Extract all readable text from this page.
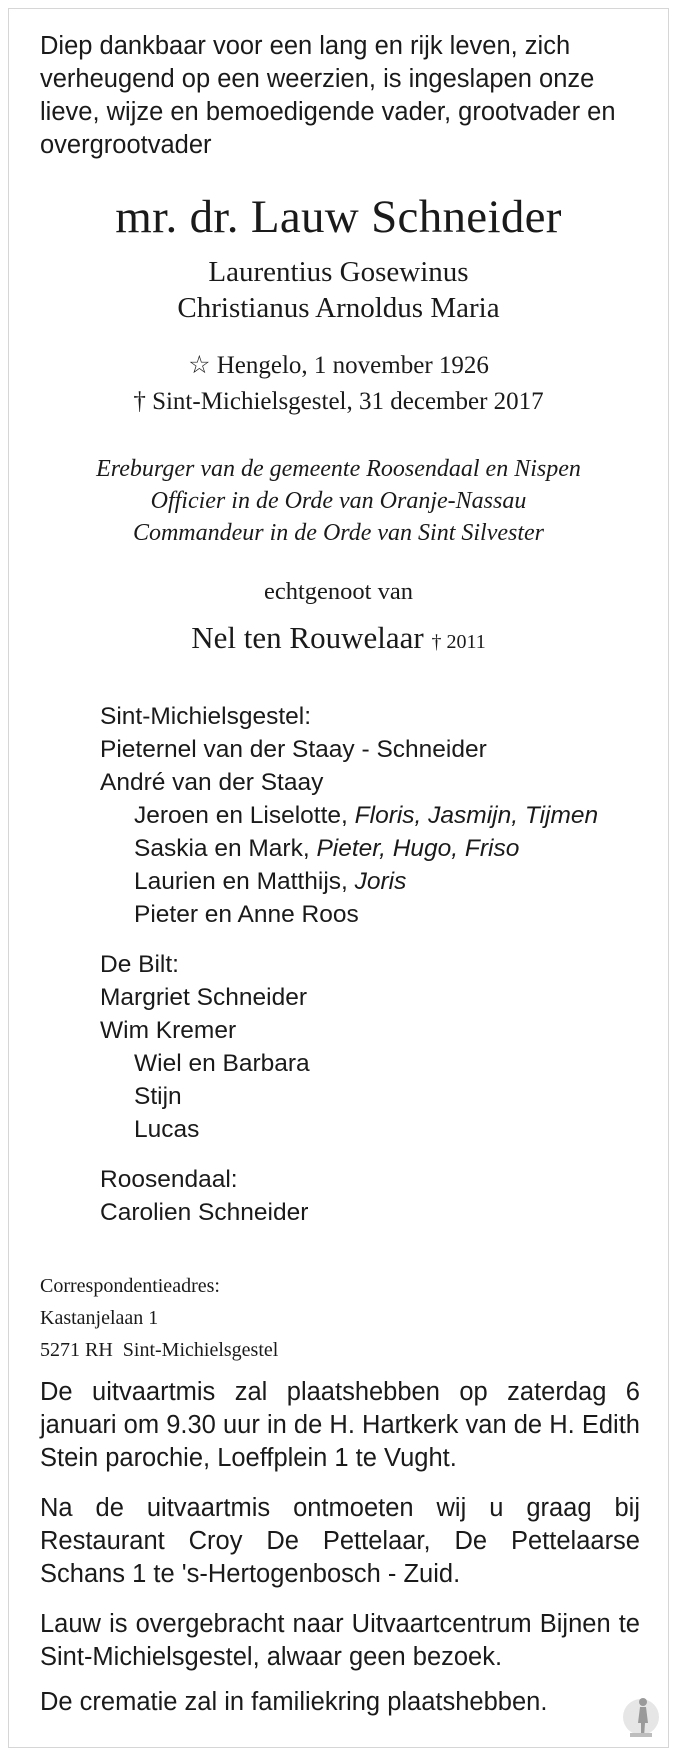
Diep dankbaar voor een lang en rijk leven, zich verheugend op een weerzien, is ingeslapen onze lieve, wijze en bemoedigende vader, grootvader en overgrootvader

mr. dr. Lauw Schneider
Laurentius Gosewinus
Christianus Arnoldus Maria
☆ Hengelo, 1 november 1926
† Sint-Michielsgestel, 31 december 2017
Ereburger van de gemeente Roosendaal en Nispen
Officier in de Orde van Oranje-Nassau
Commandeur in de Orde van Sint Silvester
echtgenoot van
Nel ten Rouwelaar † 2011
Sint-Michielsgestel:
Pieternel van der Staay - Schneider
André van der Staay
Jeroen en Liselotte, Floris, Jasmijn, Tijmen
Saskia en Mark, Pieter, Hugo, Friso
Laurien en Matthijs, Joris
Pieter en Anne Roos
De Bilt:
Margriet Schneider
Wim Kremer
Wiel en Barbara
Stijn
Lucas
Roosendaal:
Carolien Schneider
Correspondentieadres:
Kastanjelaan 1
5271 RH  Sint-Michielsgestel

De uitvaartmis zal plaatshebben op zaterdag 6 januari om 9.30 uur in de H. Hartkerk van de H. Edith Stein parochie, Loeffplein 1 te Vught.

Na de uitvaartmis ontmoeten wij u graag bij Restaurant Croy De Pettelaar, De Pettelaarse Schans 1 te 's-Hertogenbosch - Zuid.

Lauw is overgebracht naar Uitvaartcentrum Bijnen te Sint-Michielsgestel, alwaar geen bezoek.

De crematie zal in familiekring plaatshebben.
